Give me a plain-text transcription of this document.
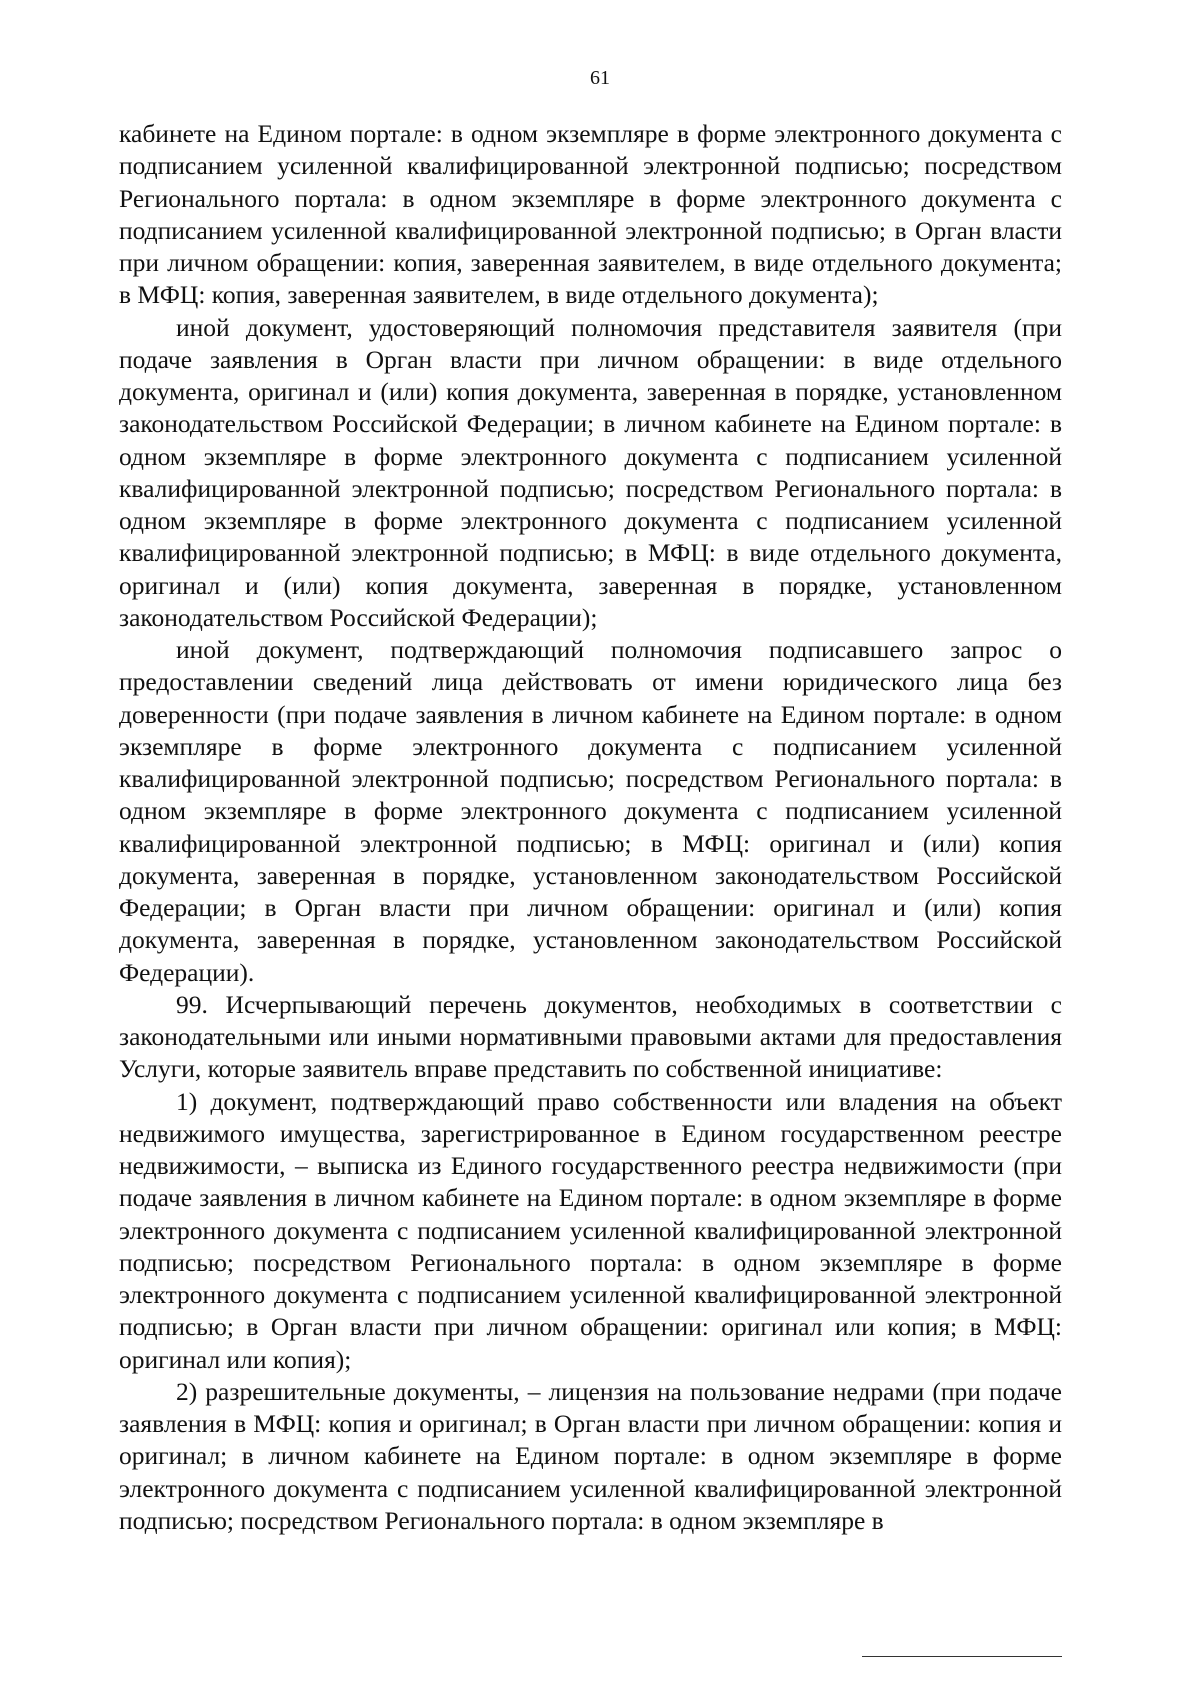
61

кабинете на Едином портале: в одном экземпляре в форме электронного документа с подписанием усиленной квалифицированной электронной подписью; посредством Регионального портала: в одном экземпляре в форме электронного документа с подписанием усиленной квалифицированной электронной подписью; в Орган власти при личном обращении: копия, заверенная заявителем, в виде отдельного документа; в МФЦ: копия, заверенная заявителем, в виде отдельного документа);

иной документ, удостоверяющий полномочия представителя заявителя (при подаче заявления в Орган власти при личном обращении: в виде отдельного документа, оригинал и (или) копия документа, заверенная в порядке, установленном законодательством Российской Федерации; в личном кабинете на Едином портале: в одном экземпляре в форме электронного документа с подписанием усиленной квалифицированной электронной подписью; посредством Регионального портала: в одном экземпляре в форме электронного документа с подписанием усиленной квалифицированной электронной подписью; в МФЦ: в виде отдельного документа, оригинал и (или) копия документа, заверенная в порядке, установленном законодательством Российской Федерации);

иной документ, подтверждающий полномочия подписавшего запрос о предоставлении сведений лица действовать от имени юридического лица без доверенности (при подаче заявления в личном кабинете на Едином портале: в одном экземпляре в форме электронного документа с подписанием усиленной квалифицированной электронной подписью; посредством Регионального портала: в одном экземпляре в форме электронного документа с подписанием усиленной квалифицированной электронной подписью; в МФЦ: оригинал и (или) копия документа, заверенная в порядке, установленном законодательством Российской Федерации; в Орган власти при личном обращении: оригинал и (или) копия документа, заверенная в порядке, установленном законодательством Российской Федерации).

99. Исчерпывающий перечень документов, необходимых в соответствии с законодательными или иными нормативными правовыми актами для предоставления Услуги, которые заявитель вправе представить по собственной инициативе:

1) документ, подтверждающий право собственности или владения на объект недвижимого имущества, зарегистрированное в Едином государственном реестре недвижимости, – выписка из Единого государственного реестра недвижимости (при подаче заявления в личном кабинете на Едином портале: в одном экземпляре в форме электронного документа с подписанием усиленной квалифицированной электронной подписью; посредством Регионального портала: в одном экземпляре в форме электронного документа с подписанием усиленной квалифицированной электронной подписью; в Орган власти при личном обращении: оригинал или копия; в МФЦ: оригинал или копия);

2) разрешительные документы, – лицензия на пользование недрами (при подаче заявления в МФЦ: копия и оригинал; в Орган власти при личном обращении: копия и оригинал; в личном кабинете на Едином портале: в одном экземпляре в форме электронного документа с подписанием усиленной квалифицированной электронной подписью; посредством Регионального портала: в одном экземпляре в
